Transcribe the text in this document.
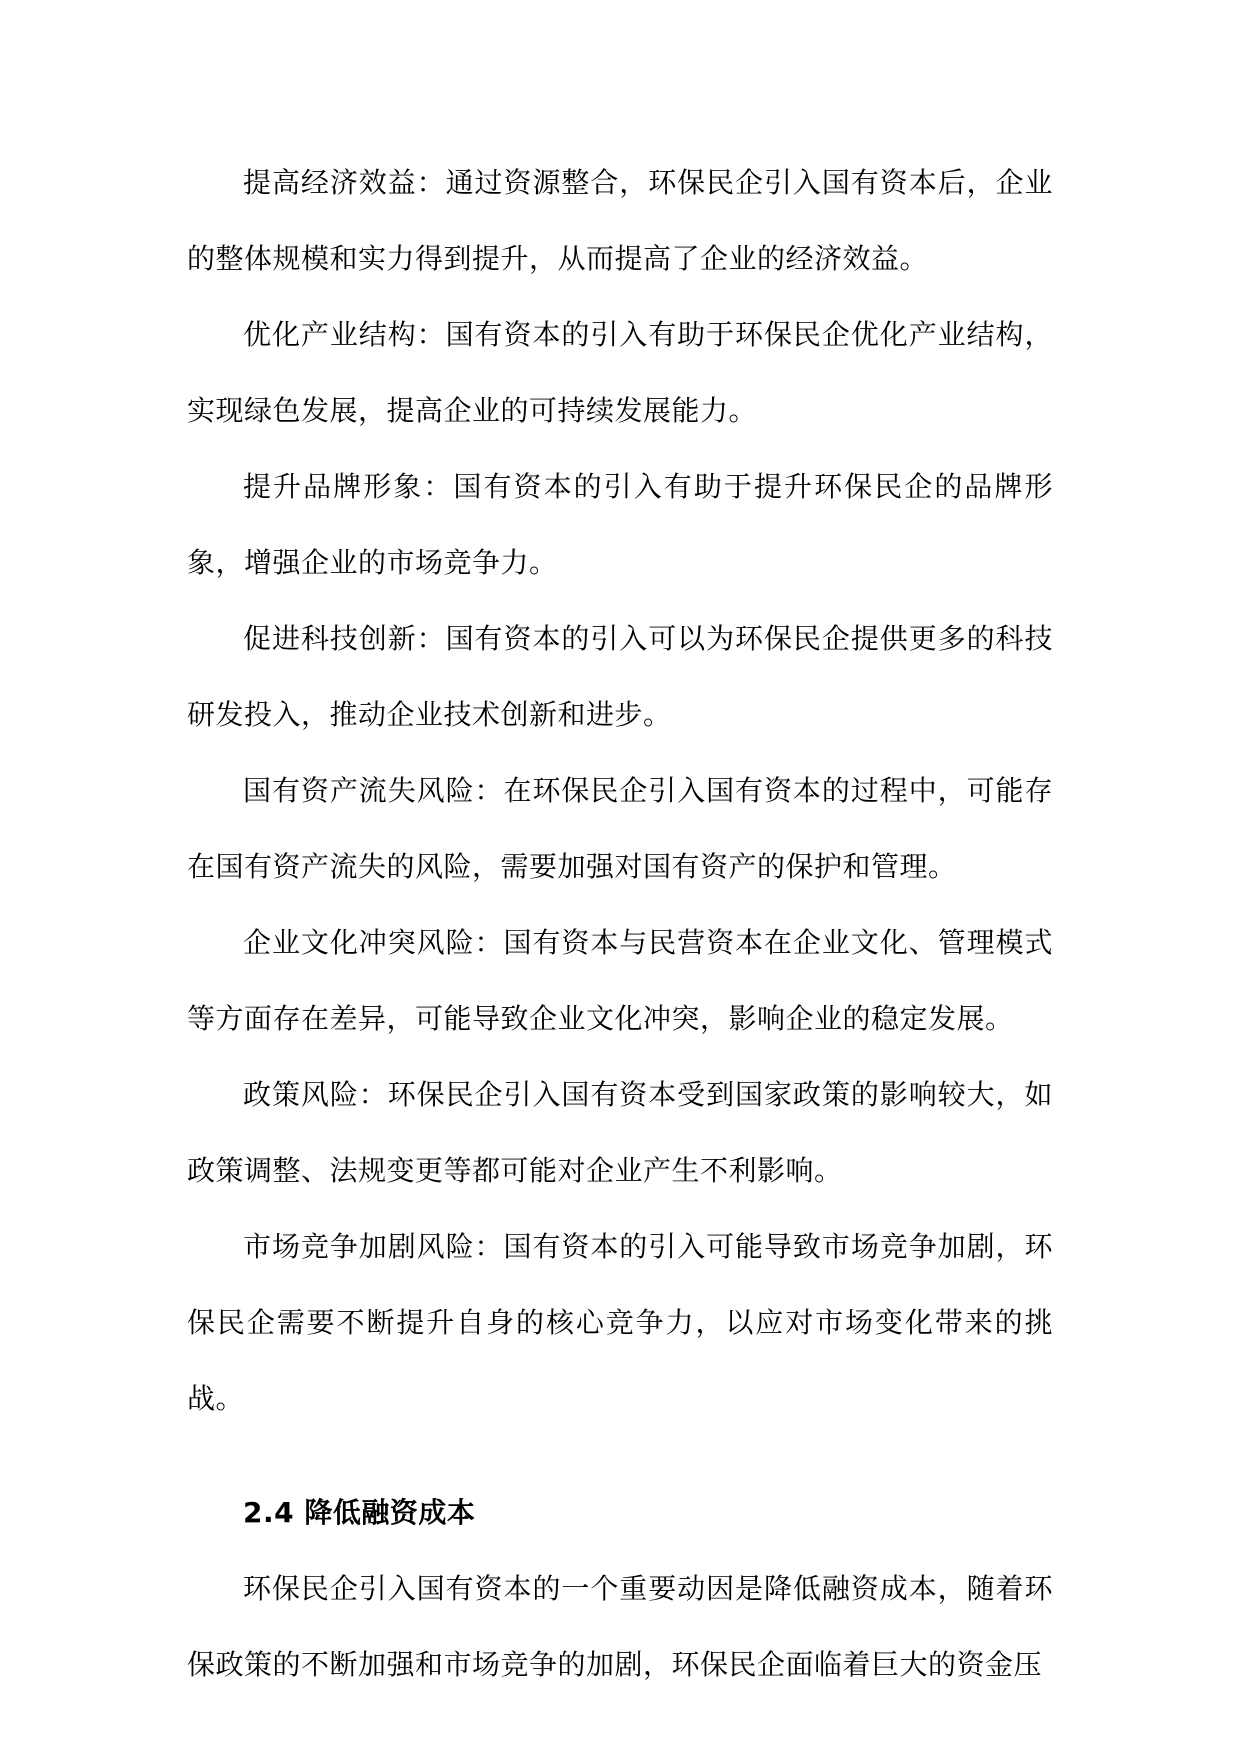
提高经济效益：通过资源整合，环保民企引入国有资本后，企业的整体规模和实力得到提升，从而提高了企业的经济效益。

优化产业结构：国有资本的引入有助于环保民企优化产业结构，实现绿色发展，提高企业的可持续发展能力。

提升品牌形象：国有资本的引入有助于提升环保民企的品牌形象，增强企业的市场竞争力。

促进科技创新：国有资本的引入可以为环保民企提供更多的科技研发投入，推动企业技术创新和进步。

国有资产流失风险：在环保民企引入国有资本的过程中，可能存在国有资产流失的风险，需要加强对国有资产的保护和管理。

企业文化冲突风险：国有资本与民营资本在企业文化、管理模式等方面存在差异，可能导致企业文化冲突，影响企业的稳定发展。

政策风险：环保民企引入国有资本受到国家政策的影响较大，如政策调整、法规变更等都可能对企业产生不利影响。

市场竞争加剧风险：国有资本的引入可能导致市场竞争加剧，环保民企需要不断提升自身的核心竞争力，以应对市场变化带来的挑战。

2.4 降低融资成本

环保民企引入国有资本的一个重要动因是降低融资成本，随着环保政策的不断加强和市场竞争的加剧，环保民企面临着巨大的资金压
